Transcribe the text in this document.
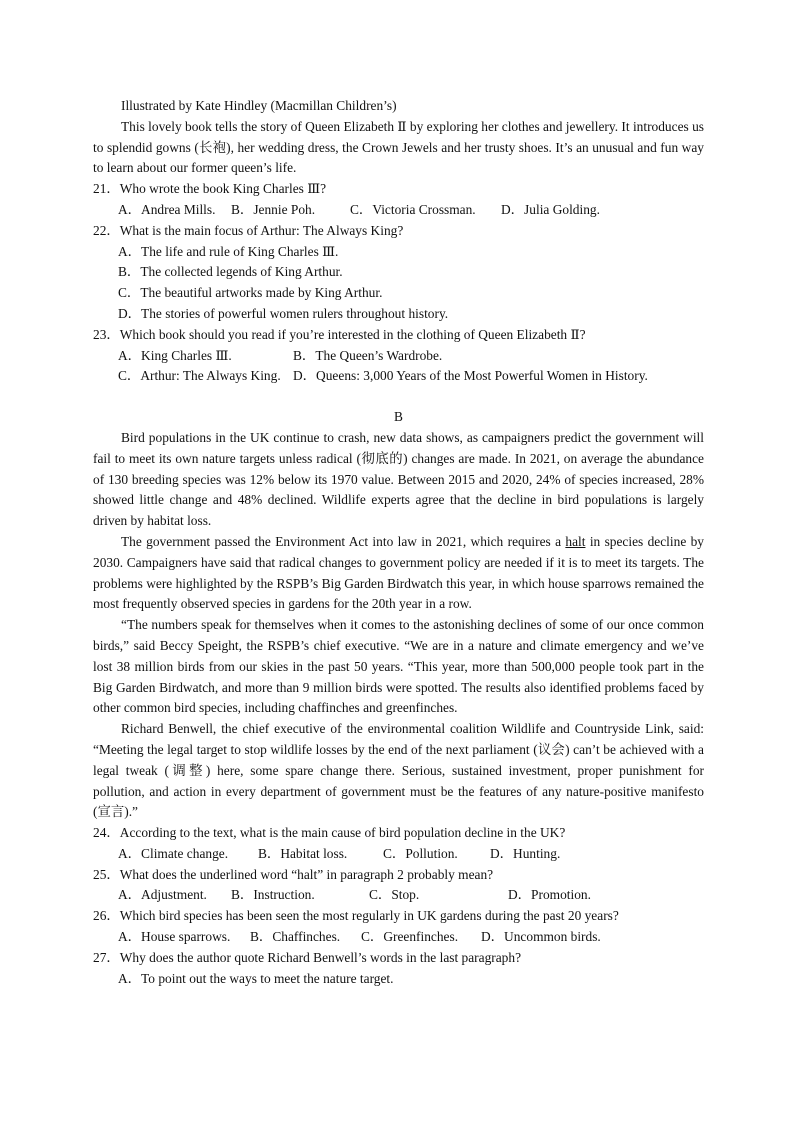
Illustrated by Kate Hindley (Macmillan Children’s)

This lovely book tells the story of Queen Elizabeth Ⅱ by exploring her clothes and jewellery. It introduces us to splendid gowns (长袍), her wedding dress, the Crown Jewels and her trusty shoes. It’s an unusual and fun way to learn about our former queen’s life.

21．Who wrote the book King Charles Ⅲ?
A．Andrea Mills.	B．Jennie Poh.	C．Victoria Crossman.	D．Julia Golding.
22．What is the main focus of Arthur: The Always King?
A．The life and rule of King Charles Ⅲ.
B．The collected legends of King Arthur.
C．The beautiful artworks made by King Arthur.
D．The stories of powerful women rulers throughout history.
23．Which book should you read if you’re interested in the clothing of Queen Elizabeth Ⅱ?
A．King Charles Ⅲ.	B．The Queen’s Wardrobe.
C．Arthur: The Always King. D．Queens: 3,000 Years of the Most Powerful Women in History.
B

Bird populations in the UK continue to crash, new data shows, as campaigners predict the government will fail to meet its own nature targets unless radical (彻底的) changes are made. In 2021, on average the abundance of 130 breeding species was 12% below its 1970 value. Between 2015 and 2020, 24% of species increased, 28% showed little change and 48% declined. Wildlife experts agree that the decline in bird populations is largely driven by habitat loss.

The government passed the Environment Act into law in 2021, which requires a halt in species decline by 2030. Campaigners have said that radical changes to government policy are needed if it is to meet its targets. The problems were highlighted by the RSPB’s Big Garden Birdwatch this year, in which house sparrows remained the most frequently observed species in gardens for the 20th year in a row.

“The numbers speak for themselves when it comes to the astonishing declines of some of our once common birds,” said Beccy Speight, the RSPB’s chief executive. “We are in a nature and climate emergency and we’ve lost 38 million birds from our skies in the past 50 years. “This year, more than 500,000 people took part in the Big Garden Birdwatch, and more than 9 million birds were spotted. The results also identified problems faced by other common bird species, including chaffinches and greenfinches.

Richard Benwell, the chief executive of the environmental coalition Wildlife and Countryside Link, said: “Meeting the legal target to stop wildlife losses by the end of the next parliament (议会) can’t be achieved with a legal tweak (调整) here, some spare change there. Serious, sustained investment, proper punishment for pollution, and action in every department of government must be the features of any nature-positive manifesto (宣言).”

24．According to the text, what is the main cause of bird population decline in the UK?
A．Climate change.	B．Habitat loss.	C．Pollution.	D．Hunting.
25．What does the underlined word “halt” in paragraph 2 probably mean?
A．Adjustment.	B．Instruction.	C．Stop.	D．Promotion.
26．Which bird species has been seen the most regularly in UK gardens during the past 20 years?
A．House sparrows.	B．Chaffinches.	C．Greenfinches.	D．Uncommon birds.
27．Why does the author quote Richard Benwell’s words in the last paragraph?
A．To point out the ways to meet the nature target.
